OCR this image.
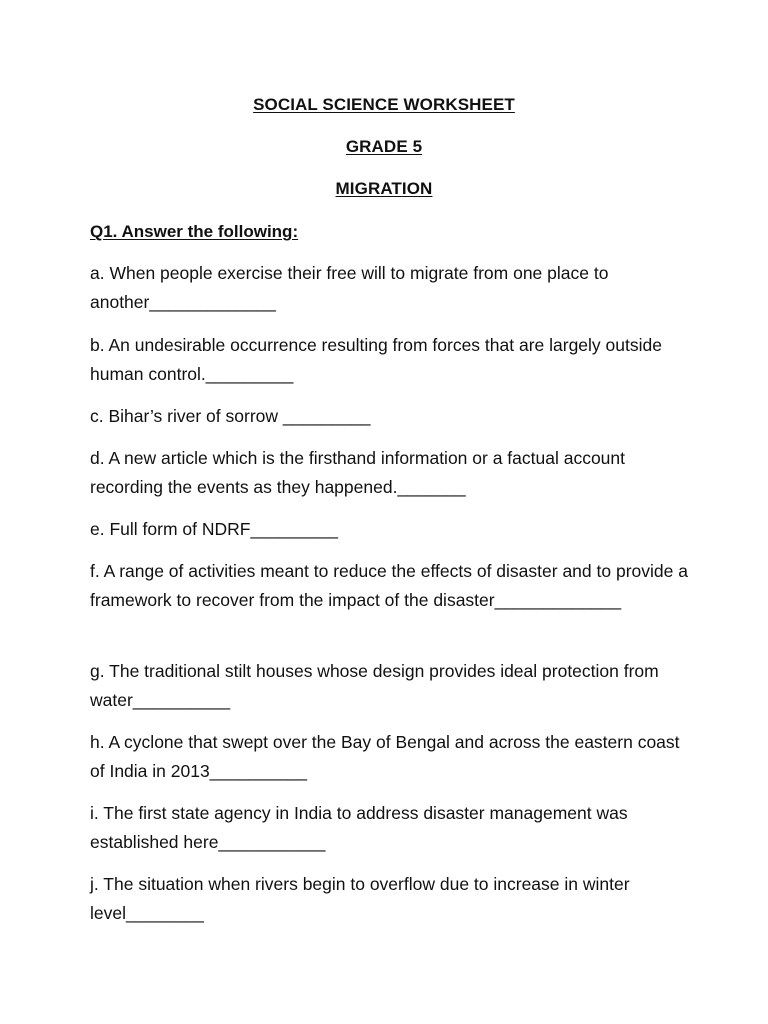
SOCIAL SCIENCE WORKSHEET
GRADE 5
MIGRATION
Q1. Answer the following:
a. When people exercise their free will to migrate from one place to another_____________
b. An undesirable occurrence resulting from forces that are largely outside human control._________
c. Bihar’s river of sorrow _________
d. A new article which is the firsthand information or a factual account recording the events as they happened._______
e. Full form of NDRF_________
f. A range of activities meant to reduce the effects of disaster and to provide a framework to recover from the impact of the disaster_____________
g. The traditional stilt houses whose design provides ideal protection from water__________
h. A cyclone that swept over the Bay of Bengal and across the eastern coast of India in 2013__________
i. The first state agency in India to address disaster management was established here___________
j. The situation when rivers begin to overflow due to increase in winter level________
